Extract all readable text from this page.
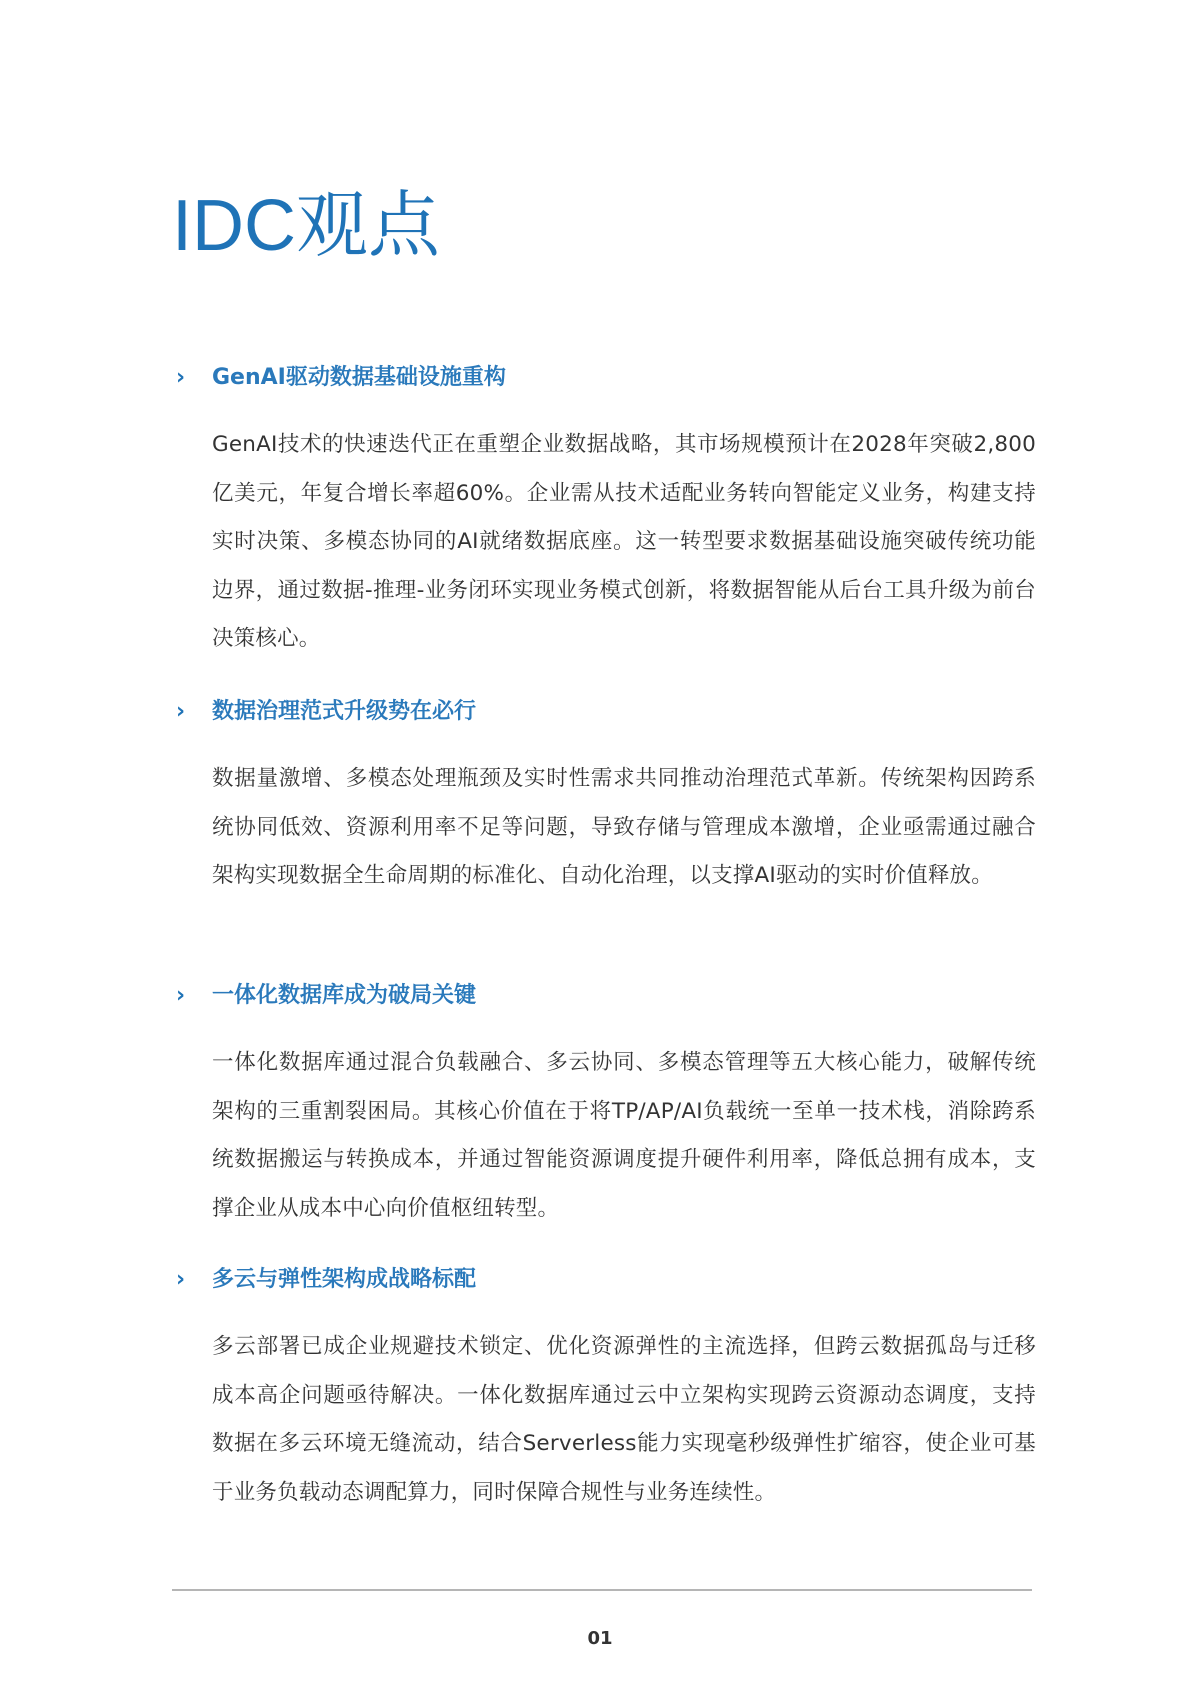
IDC观点
›	GenAI驱动数据基础设施重构

GenAI技术的快速迭代正在重塑企业数据战略，其市场规模预计在2028年突破2,800亿美元，年复合增长率超60%。企业需从技术适配业务转向智能定义业务，构建支持实时决策、多模态协同的AI就绪数据底座。这一转型要求数据基础设施突破传统功能边界，通过数据-推理-业务闭环实现业务模式创新，将数据智能从后台工具升级为前台决策核心。

›	数据治理范式升级势在必行

数据量激增、多模态处理瓶颈及实时性需求共同推动治理范式革新。传统架构因跨系统协同低效、资源利用率不足等问题，导致存储与管理成本激增，企业亟需通过融合架构实现数据全生命周期的标准化、自动化治理，以支撑AI驱动的实时价值释放。

›	一体化数据库成为破局关键

一体化数据库通过混合负载融合、多云协同、多模态管理等五大核心能力，破解传统架构的三重割裂困局。其核心价值在于将TP/AP/AI负载统一至单一技术栈，消除跨系统数据搬运与转换成本，并通过智能资源调度提升硬件利用率，降低总拥有成本，支撑企业从成本中心向价值枢纽转型。

›	多云与弹性架构成战略标配

多云部署已成企业规避技术锁定、优化资源弹性的主流选择，但跨云数据孤岛与迁移成本高企问题亟待解决。一体化数据库通过云中立架构实现跨云资源动态调度，支持数据在多云环境无缝流动，结合Serverless能力实现毫秒级弹性扩缩容，使企业可基于业务负载动态调配算力，同时保障合规性与业务连续性。

01
